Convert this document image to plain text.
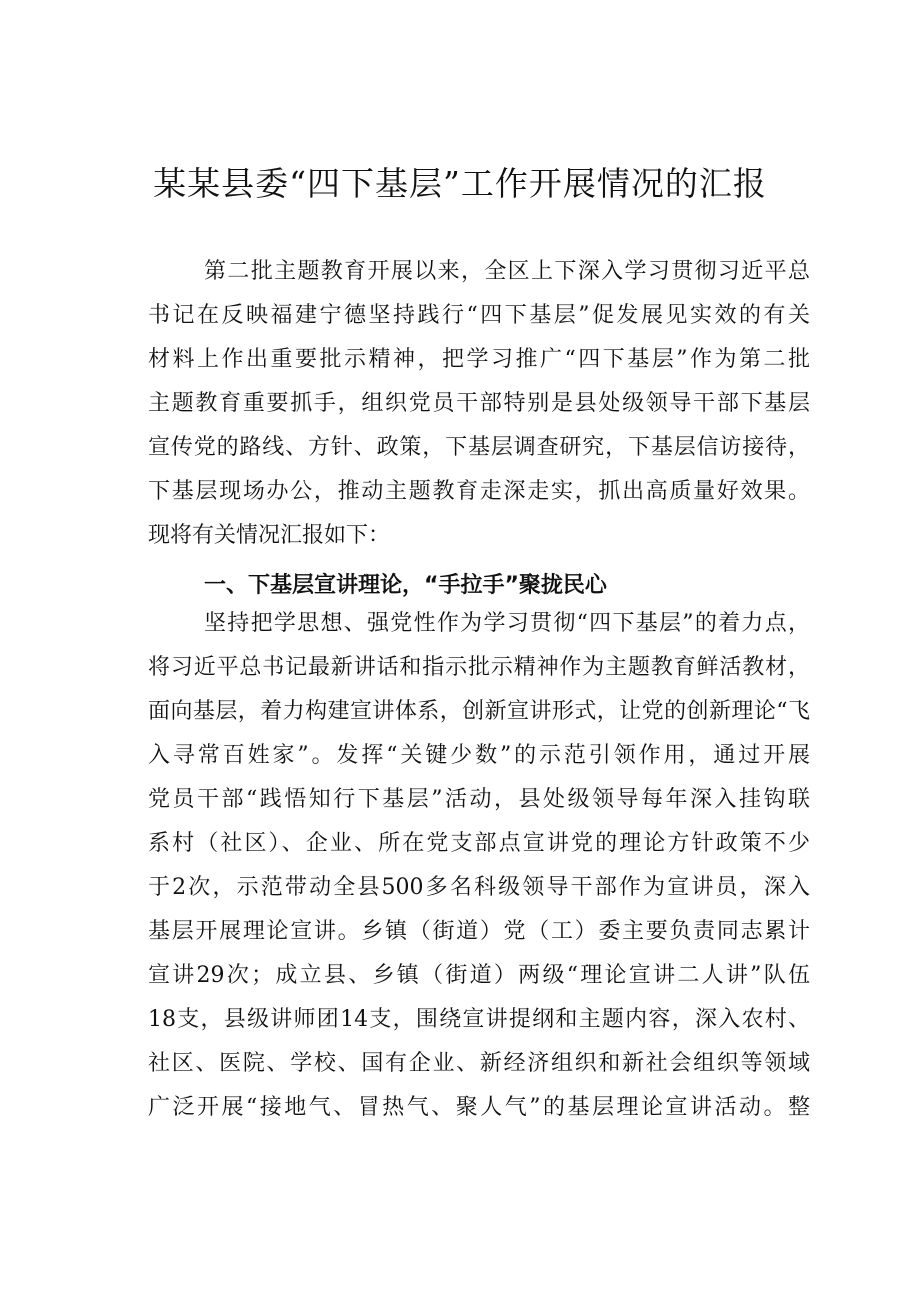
某某县委“四下基层”工作开展情况的汇报
第二批主题教育开展以来，全区上下深入学习贯彻习近平总
书记在反映福建宁德坚持践行“四下基层”促发展见实效的有关
材料上作出重要批示精神，把学习推广“四下基层”作为第二批
主题教育重要抓手，组织党员干部特别是县处级领导干部下基层
宣传党的路线、方针、政策，下基层调查研究，下基层信访接待，
下基层现场办公，推动主题教育走深走实，抓出高质量好效果。
现将有关情况汇报如下：
一、下基层宣讲理论，“手拉手”聚拢民心
坚持把学思想、强党性作为学习贯彻“四下基层”的着力点，
将习近平总书记最新讲话和指示批示精神作为主题教育鲜活教材，
面向基层，着力构建宣讲体系，创新宣讲形式，让党的创新理论“飞
入寻常百姓家”。发挥“关键少数”的示范引领作用，通过开展
党员干部“践悟知行下基层”活动，县处级领导每年深入挂钩联
系村（社区）、企业、所在党支部点宣讲党的理论方针政策不少
于2次，示范带动全县500多名科级领导干部作为宣讲员，深入
基层开展理论宣讲。乡镇（街道）党（工）委主要负责同志累计
宣讲29次；成立县、乡镇（街道）两级“理论宣讲二人讲”队伍
18支，县级讲师团14支，围绕宣讲提纲和主题内容，深入农村、
社区、医院、学校、国有企业、新经济组织和新社会组织等领域
广泛开展“接地气、冒热气、聚人气”的基层理论宣讲活动。整
